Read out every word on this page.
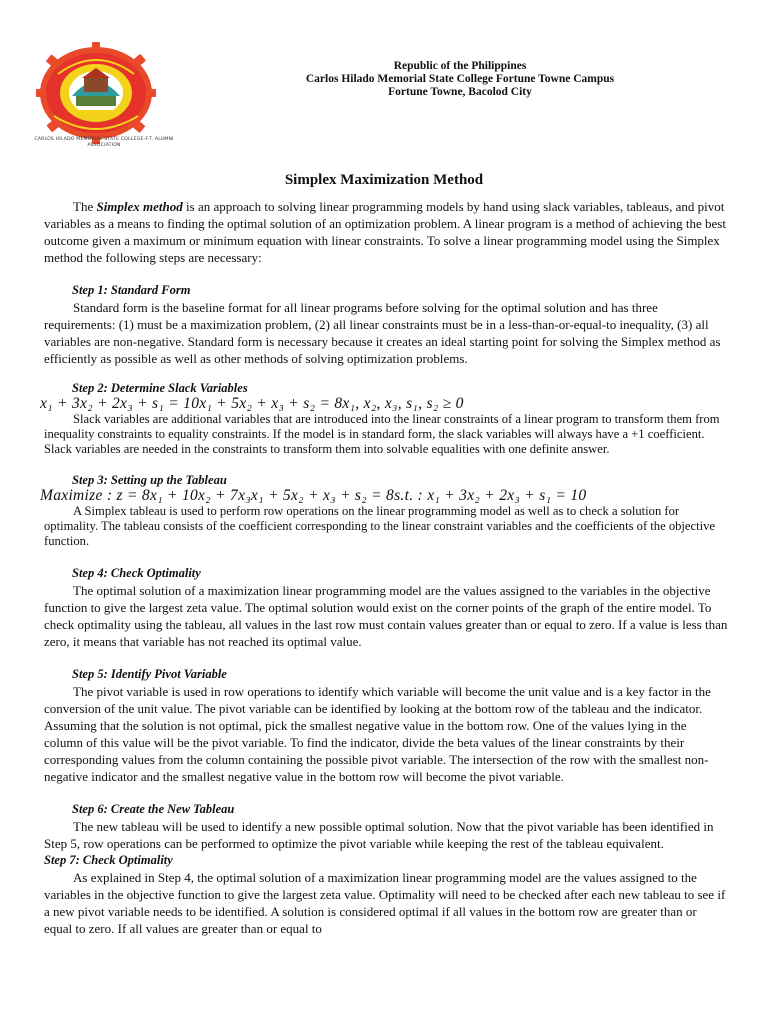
CARLOS HILADO MEMORIAL STATE COLLEGE-F.T. ALUMNI ASSOCIATION
Republic of the Philippines
Carlos Hilado Memorial State College Fortune Towne Campus
Fortune Towne, Bacolod City
Simplex Maximization Method

The Simplex method is an approach to solving linear programming models by hand using slack variables, tableaus, and pivot variables as a means to finding the optimal solution of an optimization problem. A linear program is a method of achieving the best outcome given a maximum or minimum equation with linear constraints. To solve a linear programming model using the Simplex method the following steps are necessary:

Step 1: Standard Form

Standard form is the baseline format for all linear programs before solving for the optimal solution and has three requirements: (1) must be a maximization problem, (2) all linear constraints must be in a less-than-or-equal-to inequality, (3) all variables are non-negative. Standard form is necessary because it creates an ideal starting point for solving the Simplex method as efficiently as possible as well as other methods of solving optimization problems.

Step 2: Determine Slack Variables

x₁ + 3x₂ + 2x₃ + s₁ = 10x₁ + 5x₂ + x₃ + s₂ = 8x₁, x₂, x₃, s₁, s₂ ≥ 0

Slack variables are additional variables that are introduced into the linear constraints of a linear program to transform them from inequality constraints to equality constraints. If the model is in standard form, the slack variables will always have a +1 coefficient. Slack variables are needed in the constraints to transform them into solvable equalities with one definite answer.

Step 3: Setting up the Tableau

Maximize : z = 8x₁ + 10x₂ + 7x₃x₁ + 5x₂ + x₃ + s₂ = 8s.t. : x₁ + 3x₂ + 2x₃ + s₁ = 10

A Simplex tableau is used to perform row operations on the linear programming model as well as to check a solution for optimality. The tableau consists of the coefficient corresponding to the linear constraint variables and the coefficients of the objective function.

Step 4: Check Optimality

The optimal solution of a maximization linear programming model are the values assigned to the variables in the objective function to give the largest zeta value. The optimal solution would exist on the corner points of the graph of the entire model. To check optimality using the tableau, all values in the last row must contain values greater than or equal to zero. If a value is less than zero, it means that variable has not reached its optimal value.

Step 5: Identify Pivot Variable

The pivot variable is used in row operations to identify which variable will become the unit value and is a key factor in the conversion of the unit value. The pivot variable can be identified by looking at the bottom row of the tableau and the indicator. Assuming that the solution is not optimal, pick the smallest negative value in the bottom row. One of the values lying in the column of this value will be the pivot variable. To find the indicator, divide the beta values of the linear constraints by their corresponding values from the column containing the possible pivot variable. The intersection of the row with the smallest non-negative indicator and the smallest negative value in the bottom row will become the pivot variable.

Step 6: Create the New Tableau

The new tableau will be used to identify a new possible optimal solution. Now that the pivot variable has been identified in Step 5, row operations can be performed to optimize the pivot variable while keeping the rest of the tableau equivalent.

Step 7: Check Optimality

As explained in Step 4, the optimal solution of a maximization linear programming model are the values assigned to the variables in the objective function to give the largest zeta value. Optimality will need to be checked after each new tableau to see if a new pivot variable needs to be identified. A solution is considered optimal if all values in the bottom row are greater than or equal to zero. If all values are greater than or equal to
